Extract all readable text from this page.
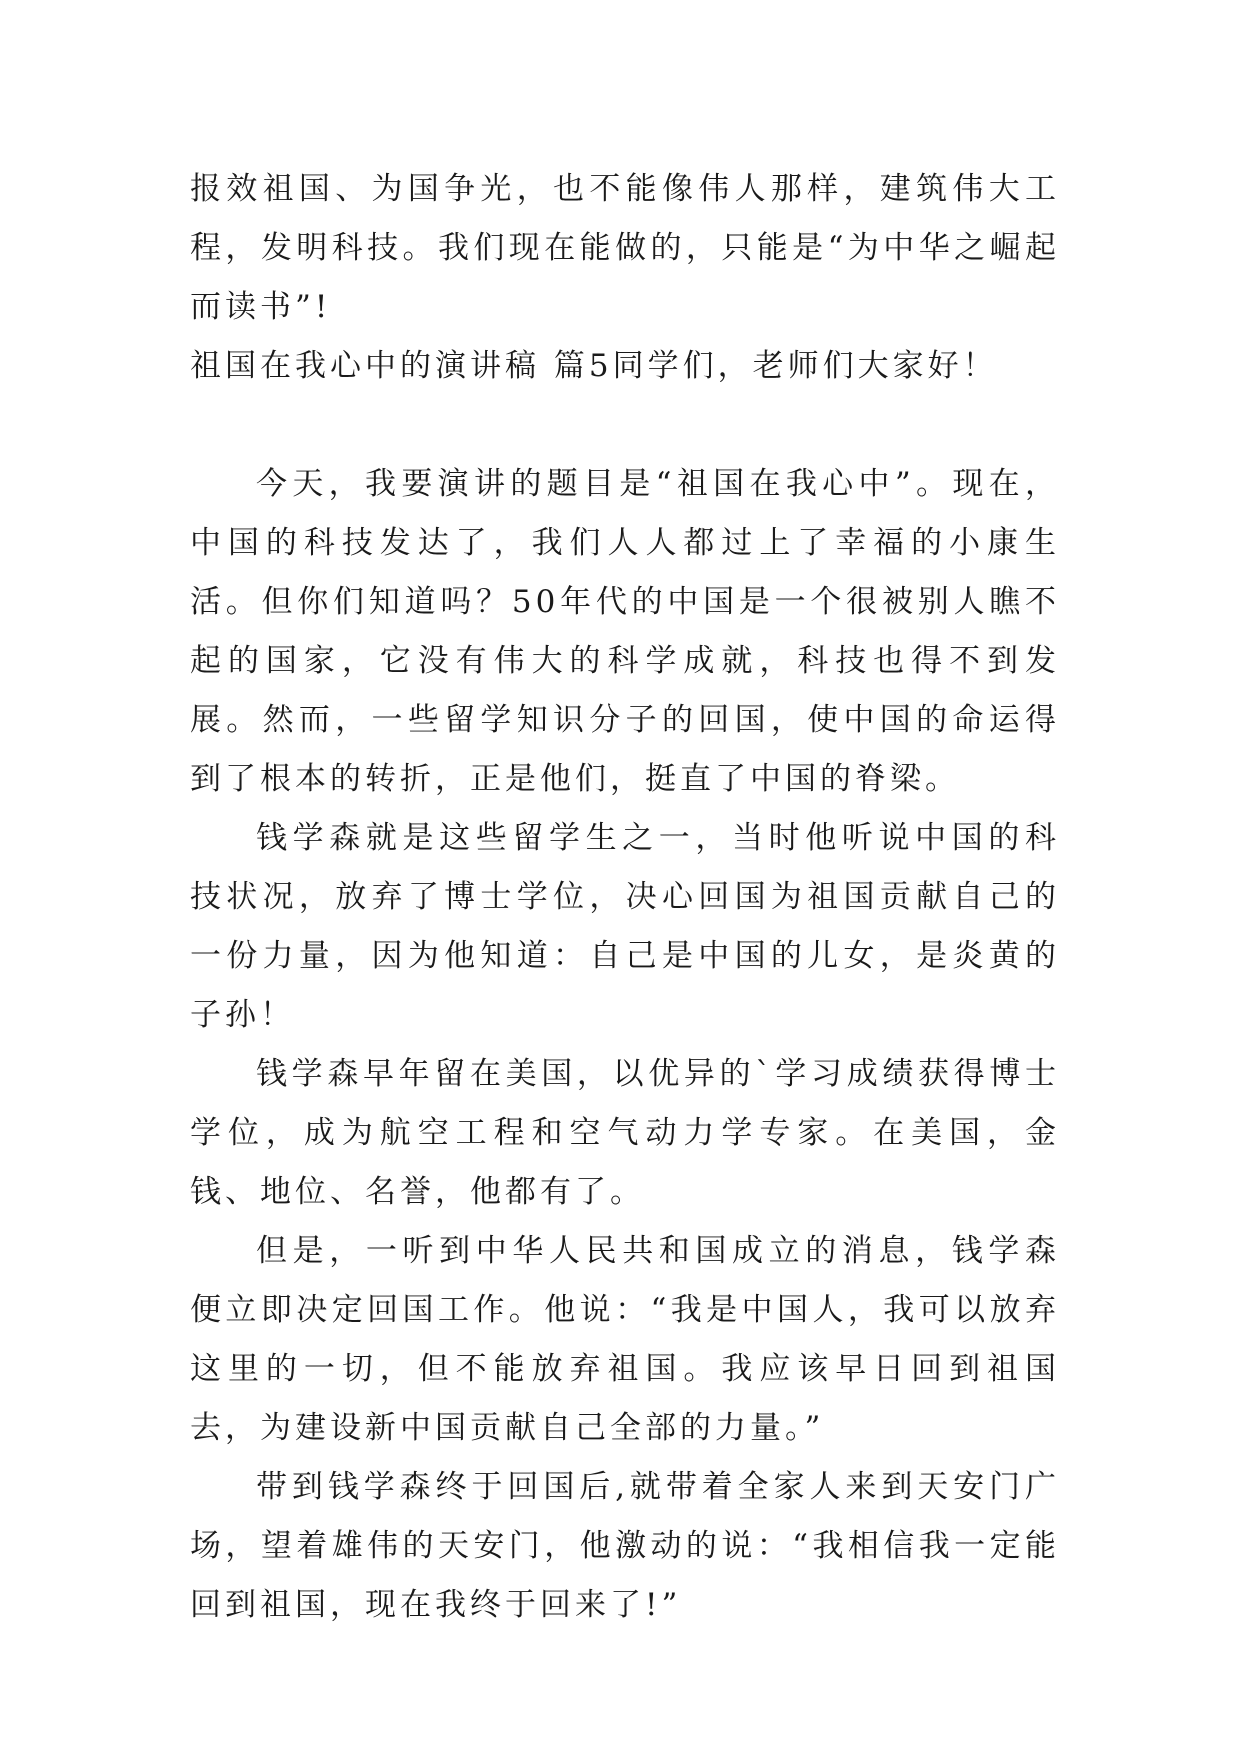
报效祖国、为国争光，也不能像伟人那样，建筑伟大工程，发明科技。我们现在能做的，只能是“为中华之崛起而读书”!

祖国在我心中的演讲稿 篇5同学们，老师们大家好！

今天，我要演讲的题目是“祖国在我心中”。现在，中国的科技发达了，我们人人都过上了幸福的小康生活。但你们知道吗？50年代的中国是一个很被别人瞧不起的国家，它没有伟大的科学成就，科技也得不到发展。然而，一些留学知识分子的回国，使中国的命运得到了根本的转折，正是他们，挺直了中国的脊梁。

钱学森就是这些留学生之一，当时他听说中国的科技状况，放弃了博士学位，决心回国为祖国贡献自己的一份力量，因为他知道：自己是中国的儿女，是炎黄的子孙！

钱学森早年留在美国，以优异的`学习成绩获得博士学位，成为航空工程和空气动力学专家。在美国，金钱、地位、名誉，他都有了。

但是，一听到中华人民共和国成立的消息，钱学森便立即决定回国工作。他说：“我是中国人，我可以放弃这里的一切，但不能放弃祖国。我应该早日回到祖国去，为建设新中国贡献自己全部的力量。”

带到钱学森终于回国后,就带着全家人来到天安门广场，望着雄伟的天安门，他激动的说：“我相信我一定能回到祖国，现在我终于回来了!”
